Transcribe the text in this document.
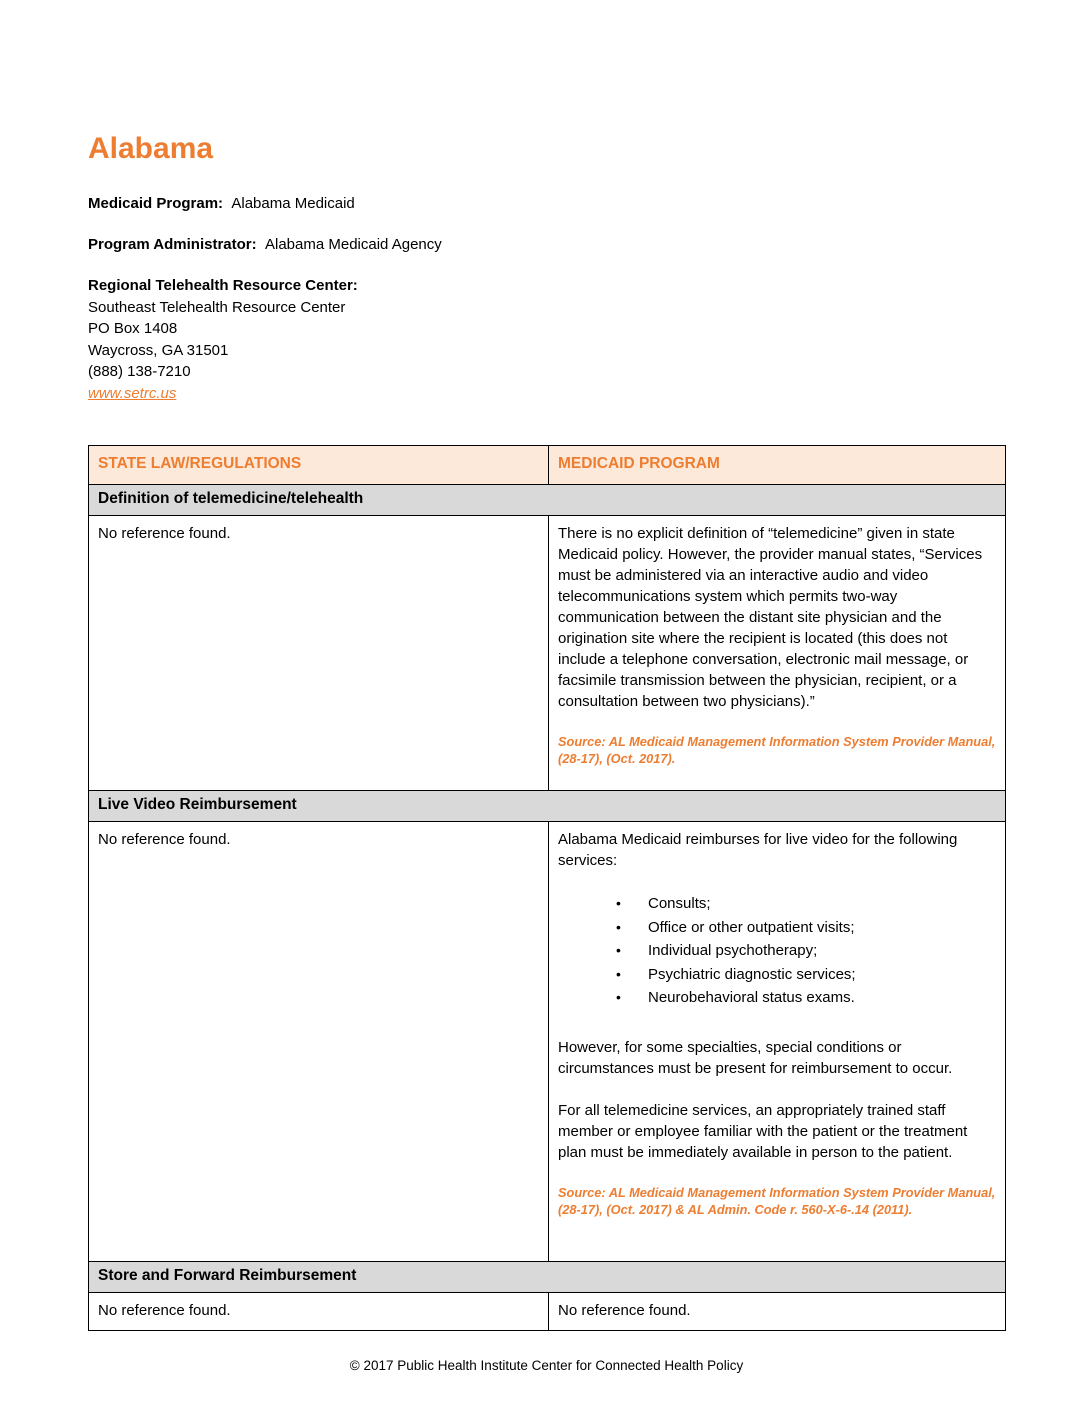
Alabama

Medicaid Program: Alabama Medicaid

Program Administrator: Alabama Medicaid Agency

Regional Telehealth Resource Center:
Southeast Telehealth Resource Center
PO Box 1408
Waycross, GA 31501
(888) 138-7210
www.setrc.us
STATE LAW/REGULATIONS	MEDICAID PROGRAM
Definition of telemedicine/telehealth	

No reference found.	There is no explicit definition of “telemedicine” given in state Medicaid policy. However, the provider manual states, “Services must be administered via an interactive audio and video telecommunications system which permits two-way communication between the distant site physician and the origination site where the recipient is located (this does not include a telephone conversation, electronic mail message, or facsimile transmission between the physician, recipient, or a consultation between two physicians).”

Source: AL Medicaid Management Information System Provider Manual, (28-17), (Oct. 2017).

Live Video Reimbursement	

No reference found.	Alabama Medicaid reimburses for live video for the following services:

• Consults;
• Office or other outpatient visits;
• Individual psychotherapy;
• Psychiatric diagnostic services;
• Neurobehavioral status exams.

However, for some specialties, special conditions or circumstances must be present for reimbursement to occur.

For all telemedicine services, an appropriately trained staff member or employee familiar with the patient or the treatment plan must be immediately available in person to the patient.

Source: AL Medicaid Management Information System Provider Manual, (28-17), (Oct. 2017) & AL Admin. Code r. 560-X-6-.14 (2011).

Store and Forward Reimbursement	

No reference found.	No reference found.

© 2017 Public Health Institute Center for Connected Health Policy
